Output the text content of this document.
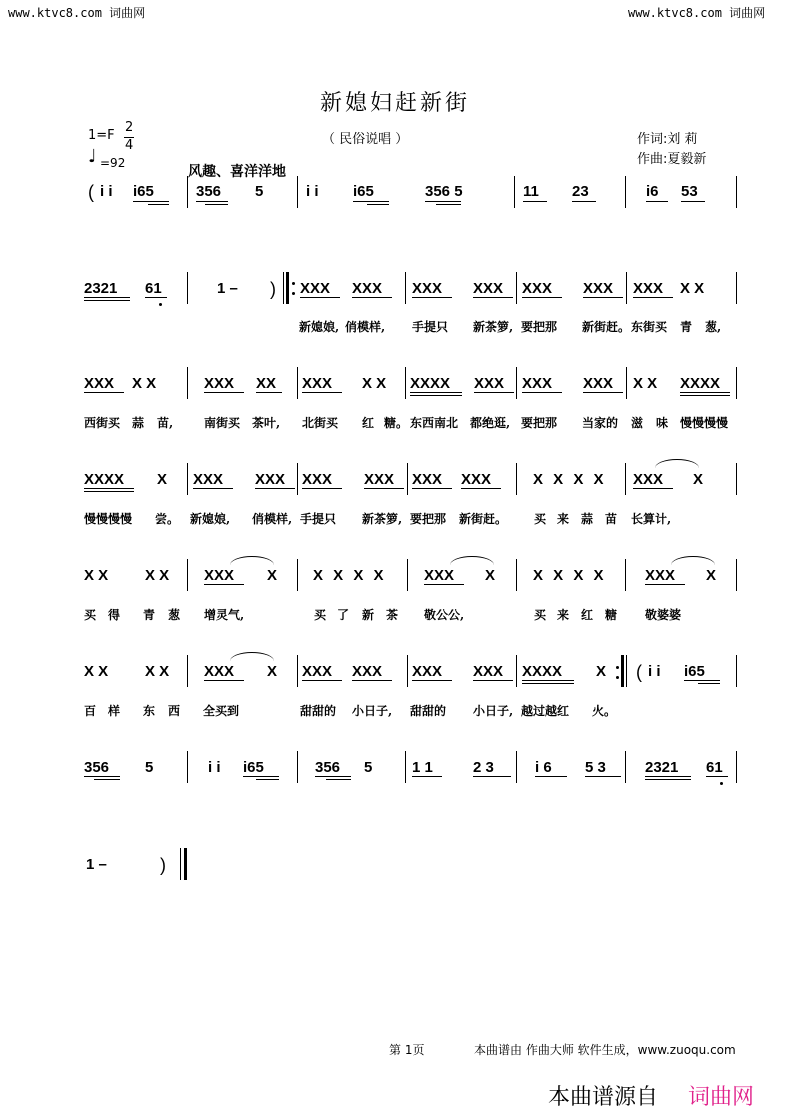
www.ktvc8.com 词曲网	www.ktvc8.com 词曲网
新媳妇赶新街
（ 民俗说唱 ）
1=F
2
4
♩ =92
作词:刘 莉
作曲:夏毅新
风趣、喜洋洋地
( i i i65	356 5	i i i65	356 5	11 23	i6 53
2321 61	1 – ) XXX XXX XXX XXX XXX XXX XXX X X
新媳娘, 俏模样, 手提只 新茶箩, 要把那 新街赶。 东街买 青 葱,
XXX X X	XXX XX XXX X X XXXX XXX XXX XXX X X XXXX
西街买 蒜 苗,	南街买 茶叶, 北街买 红 糖。 东西南北 都绝逛, 要把那 当家的 滋 味 慢慢慢慢
XXXX X XXX XXX XXX XXX XXX XXX	X X X X XXX X
慢慢慢慢 尝。 新媳娘, 俏模样, 手提只 新茶箩, 要把那 新街赶。 买 来 蒜 苗 长算计,
X X X X XXX X X X X X	XXX X	X X X X	XXX X
买 得 青 葱 增灵气,	买 了 新 茶 敬公公,	买 来 红 糖 敬婆婆
X X X X XXX X XXX XXX XXX XXX XXXX X ( i i i65
百 样 东 西 全买到	甜甜的 小日子, 甜甜的 小日子, 越过越红 火。
356 5	i i i65	356 5	1 1	2 3	i 6 5 3	2321 61
1 –	)
第 1页	本曲谱由 作曲大师 软件生成，www.zuoqu.com
本曲谱源自 词曲网
